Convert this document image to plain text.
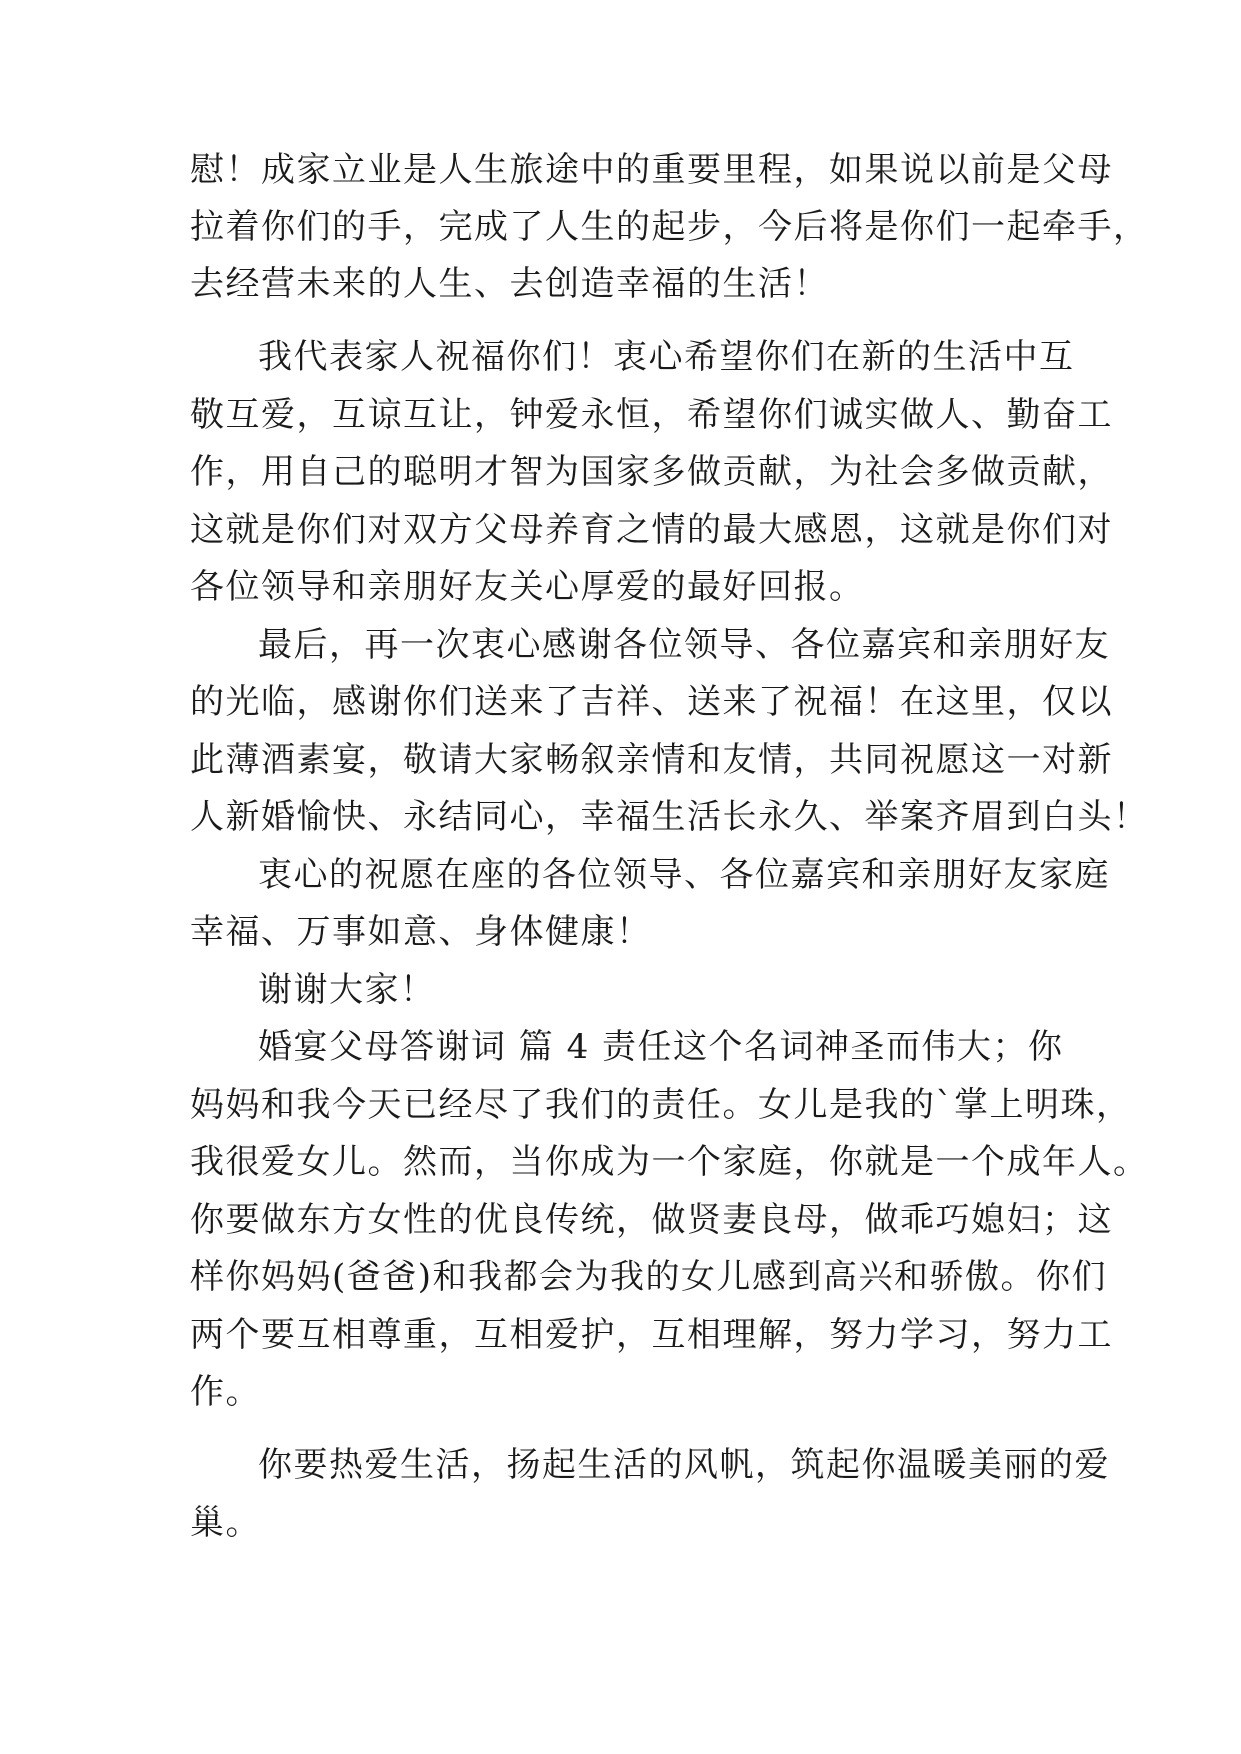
慰！成家立业是人生旅途中的重要里程，如果说以前是父母
拉着你们的手，完成了人生的起步，今后将是你们一起牵手，
去经营未来的人生、去创造幸福的生活！
我代表家人祝福你们！衷心希望你们在新的生活中互
敬互爱，互谅互让，钟爱永恒，希望你们诚实做人、勤奋工
作，用自己的聪明才智为国家多做贡献，为社会多做贡献，
这就是你们对双方父母养育之情的最大感恩，这就是你们对
各位领导和亲朋好友关心厚爱的最好回报。
最后，再一次衷心感谢各位领导、各位嘉宾和亲朋好友
的光临，感谢你们送来了吉祥、送来了祝福！在这里，仅以
此薄酒素宴，敬请大家畅叙亲情和友情，共同祝愿这一对新
人新婚愉快、永结同心，幸福生活长永久、举案齐眉到白头！
衷心的祝愿在座的各位领导、各位嘉宾和亲朋好友家庭
幸福、万事如意、身体健康！
谢谢大家！
婚宴父母答谢词 篇 4 责任这个名词神圣而伟大；你
妈妈和我今天已经尽了我们的责任。女儿是我的`掌上明珠，
我很爱女儿。然而，当你成为一个家庭，你就是一个成年人。
你要做东方女性的优良传统，做贤妻良母，做乖巧媳妇；这
样你妈妈(爸爸)和我都会为我的女儿感到高兴和骄傲。你们
两个要互相尊重，互相爱护，互相理解，努力学习，努力工
作。
你要热爱生活，扬起生活的风帆，筑起你温暖美丽的爱
巢。
